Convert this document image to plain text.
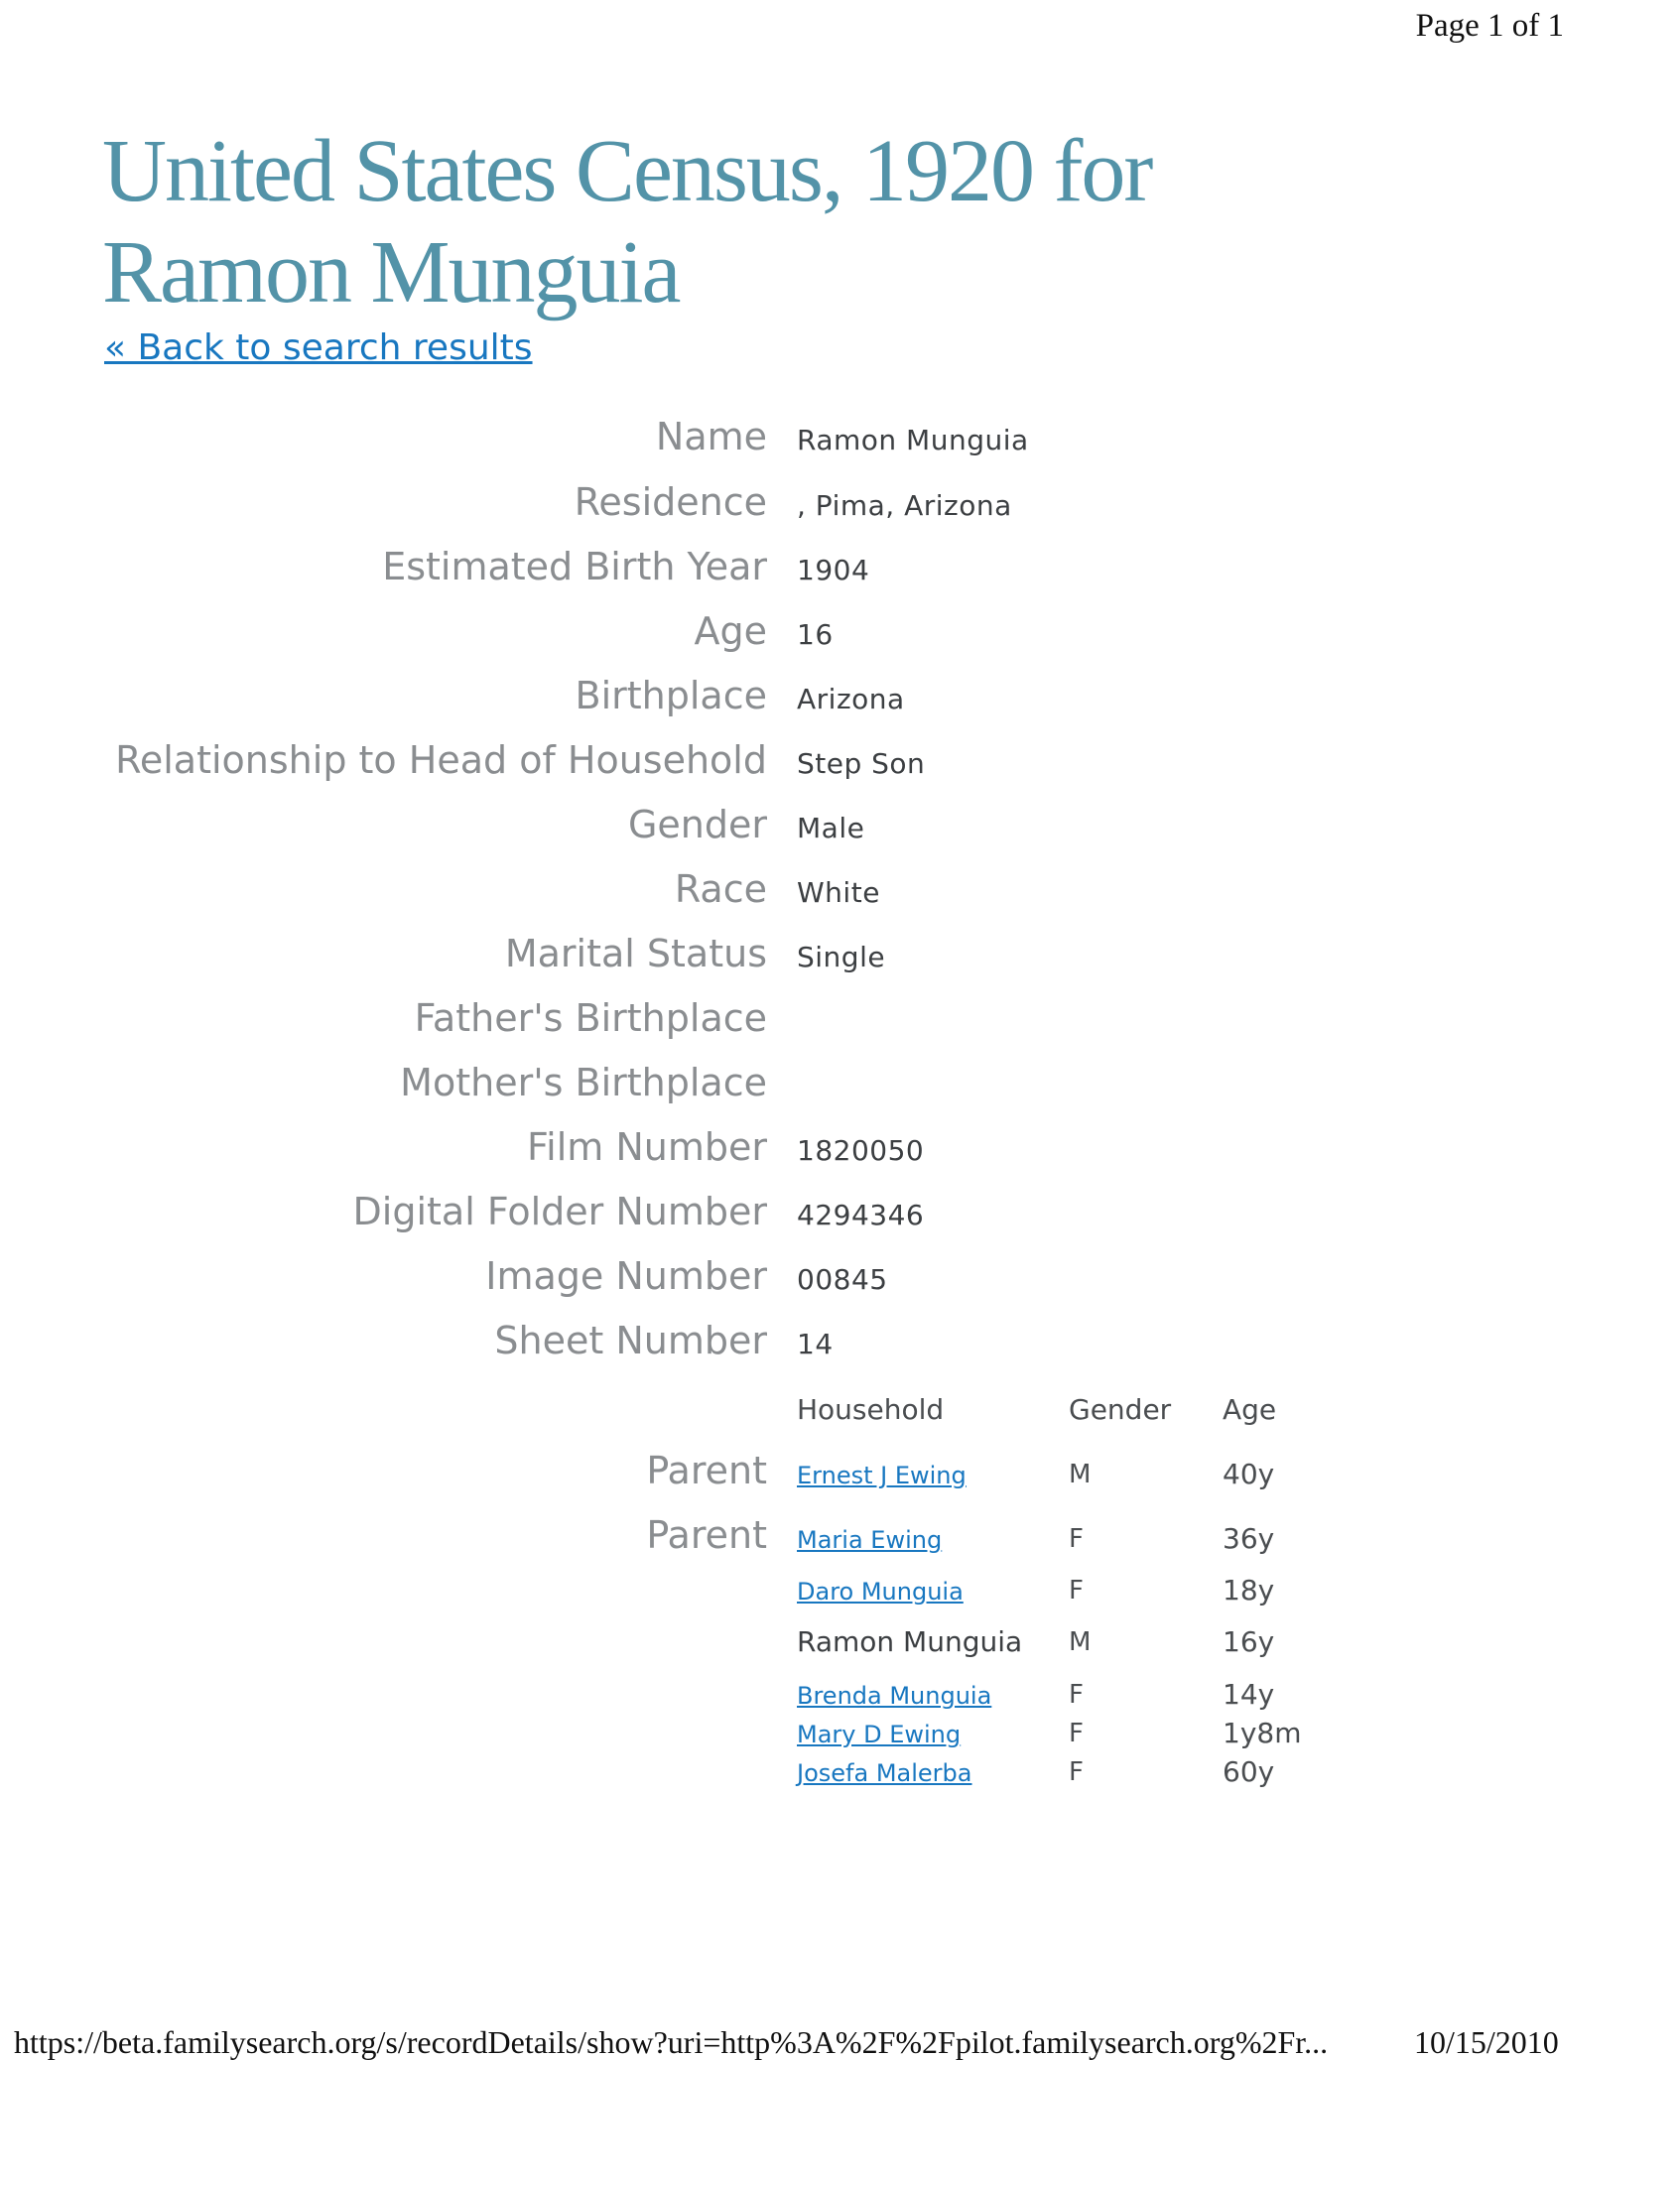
Page 1 of 1
United States Census, 1920 for
Ramon Munguia
« Back to search results
Name Ramon Munguia
Residence , Pima, Arizona
Estimated Birth Year 1904
Age 16
Birthplace Arizona
Relationship to Head of Household Step Son
Gender Male
Race White
Marital Status Single
Father's Birthplace
Mother's Birthplace
Film Number 1820050
Digital Folder Number 4294346
Image Number 00845
Sheet Number 14
Household	Gender Age
Parent Ernest J Ewing	M	40y
Parent Maria Ewing	F	36y
Daro Munguia	F	18y
Ramon Munguia M	16y
Brenda Munguia	F	14y
Mary D Ewing	F	1y8m
Josefa Malerba	F	60y
https://beta.familysearch.org/s/recordDetails/show?uri=http%3A%2F%2Fpilot.familysearch.org%2Fr...	10/15/2010
